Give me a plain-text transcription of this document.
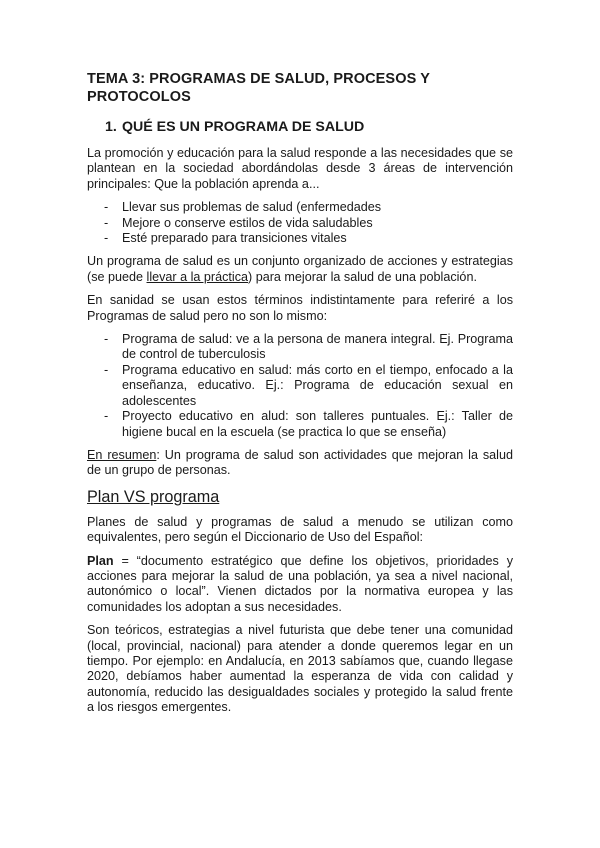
TEMA 3: PROGRAMAS DE SALUD, PROCESOS Y PROTOCOLOS
1. QUÉ ES UN PROGRAMA DE SALUD

La promoción y educación para la salud responde a las necesidades que se plantean en la sociedad abordándolas desde 3 áreas de intervención principales: Que la población aprenda a...

- Llevar sus problemas de salud (enfermedades
- Mejore o conserve estilos de vida saludables
- Esté preparado para transiciones vitales

Un programa de salud es un conjunto organizado de acciones y estrategias (se puede llevar a la práctica) para mejorar la salud de una población.

En sanidad se usan estos términos indistintamente para referiré a los Programas de salud pero no son lo mismo:

- Programa de salud: ve a la persona de manera integral. Ej. Programa de control de tuberculosis
- Programa educativo en salud: más corto en el tiempo, enfocado a la enseñanza, educativo. Ej.: Programa de educación sexual en adolescentes
- Proyecto educativo en alud: son talleres puntuales. Ej.: Taller de higiene bucal en la escuela (se practica lo que se enseña)

En resumen: Un programa de salud son actividades que mejoran la salud de un grupo de personas.

Plan VS programa

Planes de salud y programas de salud a menudo se utilizan como equivalentes, pero según el Diccionario de Uso del Español:

Plan = “documento estratégico que define los objetivos, prioridades y acciones para mejorar la salud de una población, ya sea a nivel nacional, autonómico o local”. Vienen dictados por la normativa europea y las comunidades los adoptan a sus necesidades.

Son teóricos, estrategias a nivel futurista que debe tener una comunidad (local, provincial, nacional) para atender a donde queremos legar en un tiempo. Por ejemplo: en Andalucía, en 2013 sabíamos que, cuando llegase 2020, debíamos haber aumentad la esperanza de vida con calidad y autonomía, reducido las desigualdades sociales y protegido la salud frente a los riesgos emergentes.
